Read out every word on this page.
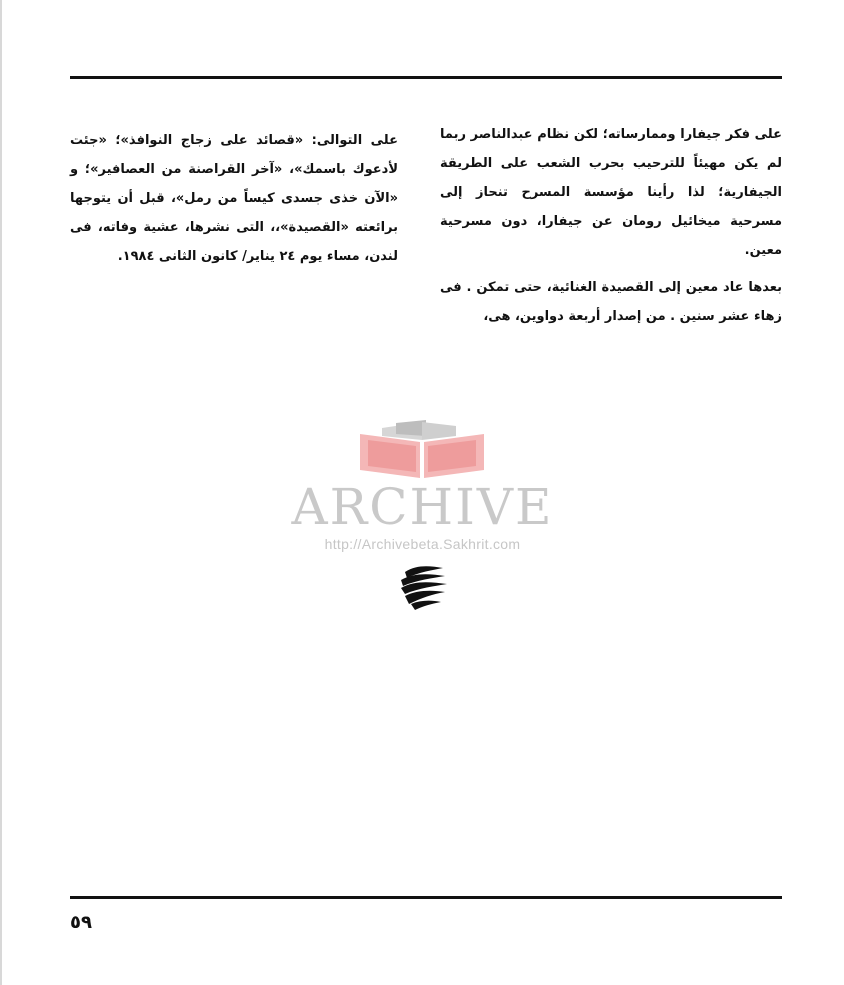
على فكر جيفارا وممارساته؛ لكن نظام عبدالناصر ربما لم يكن مهيئاً للترحيب بحرب الشعب على الطريقة الجيفارية؛ لذا رأينا مؤسسة المسرح تنحاز إلى مسرحية ميخائيل رومان عن جيفارا، دون مسرحية معين.

بعدها عاد معين إلى القصيدة الغنائية، حتى تمكن . فى زهاء عشر سنين . من إصدار أربعة دواوين، هى،

على التوالى: «قصائد على زجاج النوافذ»؛ «جئت لأدعوك باسمك»، «آخر القراصنة من العصافير»؛ و «الآن خذى جسدى كيساً من رمل»، قبل أن يتوجها برائعته «القصيدة»،، التى نشرها، عشية وفاته، فى لندن، مساء يوم ٢٤ يناير/ كانون الثانى ١٩٨٤.

ARCHIVE
http://Archivebeta.Sakhrit.com
٥٩
